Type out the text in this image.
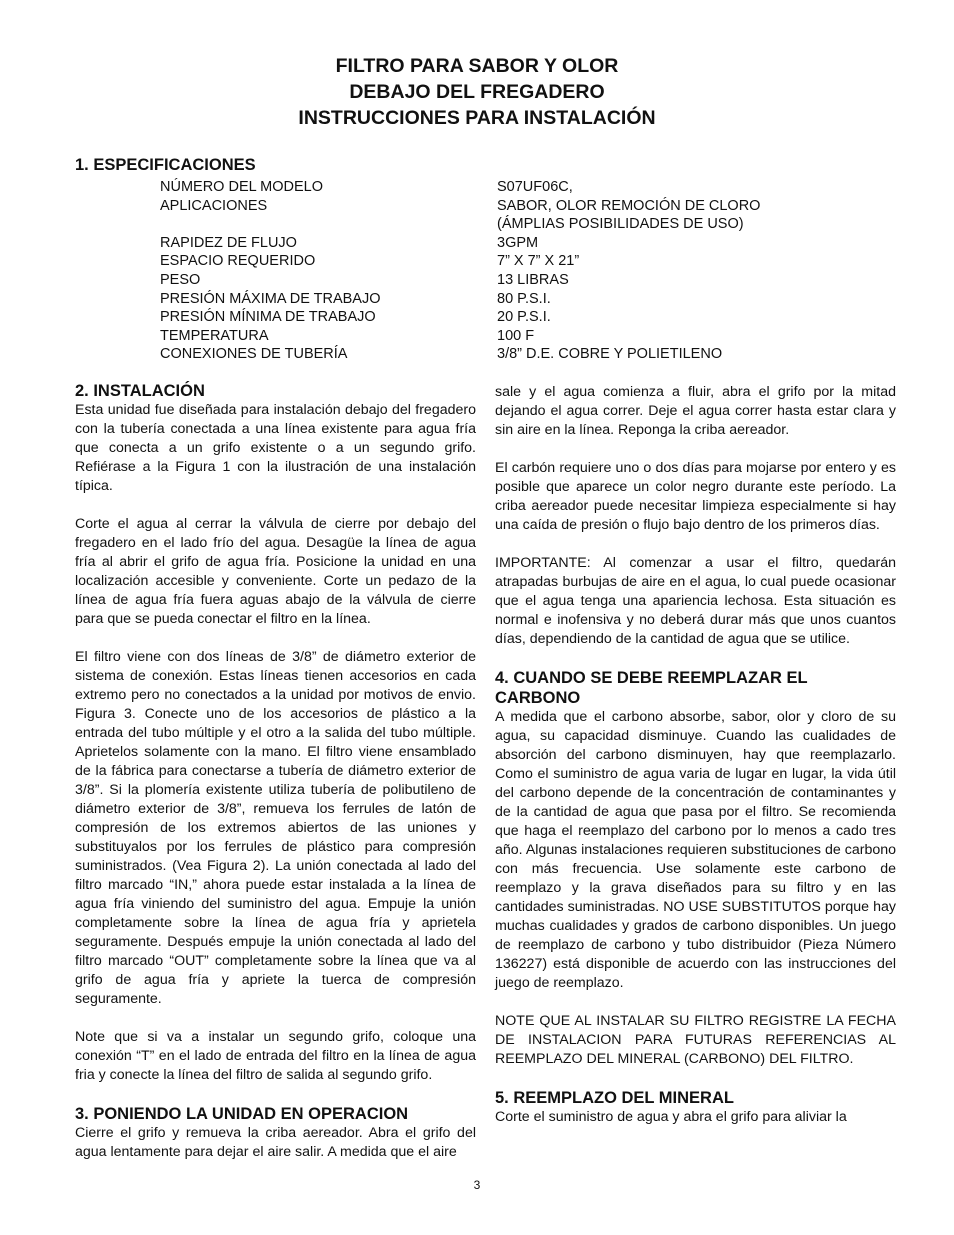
FILTRO PARA SABOR Y OLOR
DEBAJO DEL FREGADERO
INSTRUCCIONES PARA INSTALACIÓN
1. ESPECIFICACIONES
NÚMERO DEL MODELO	S07UF06C,
APLICACIONES	SABOR, OLOR REMOCIÓN DE CLORO
(ÁMPLIAS POSIBILIDADES DE USO)
RAPIDEZ DE FLUJO	3GPM
ESPACIO REQUERIDO	7” X 7” X 21”
PESO	13 LIBRAS
PRESIÓN MÁXIMA DE TRABAJO	80 P.S.I.
PRESIÓN MÍNIMA DE TRABAJO	20 P.S.I.
TEMPERATURA	100 F
CONEXIONES DE TUBERÍA	3/8” D.E. COBRE Y POLIETILENO
2. INSTALACIÓN

Esta unidad fue diseñada para instalación debajo del fregadero con la tubería conectada a una línea existente para agua fría que conecta a un grifo existente o a un segundo grifo. Refiérase a la Figura 1 con la ilustración de una instalación típica.

Corte el agua al cerrar la válvula de cierre por debajo del fregadero en el lado frío del agua. Desagüe la línea de agua fría al abrir el grifo de agua fría. Posicione la unidad en una localización accesible y conveniente. Corte un pedazo de la línea de agua fría fuera aguas abajo de la válvula de cierre para que se pueda conectar el filtro en la línea.

El filtro viene con dos líneas de 3/8” de diámetro exterior de sistema de conexión. Estas líneas tienen accesorios en cada extremo pero no conectados a la unidad por motivos de envio. Figura 3. Conecte uno de los accesorios de plástico a la entrada del tubo múltiple y el otro a la salida del tubo múltiple. Aprietelos solamente con la mano. El filtro viene ensamblado de la fábrica para conectarse a tubería de diámetro exterior de 3/8”. Si la plomería existente utiliza tubería de polibutileno de diámetro exterior de 3/8”, remueva los ferrules de latón de compresión de los extremos abiertos de las uniones y substituyalos por los ferrules de plástico para compresión suministrados. (Vea Figura 2). La unión conectada al lado del filtro marcado “IN,” ahora puede estar instalada a la línea de agua fría viniendo del suministro del agua. Empuje la unión completamente sobre la línea de agua fría y aprietela seguramente. Después empuje la unión conectada al lado del filtro marcado “OUT” completamente sobre la línea que va al grifo de agua fría y apriete la tuerca de compresión seguramente.

Note que si va a instalar un segundo grifo, coloque una conexión “T” en el lado de entrada del filtro en la línea de agua fria y conecte la línea del filtro de salida al segundo grifo.

3. PONIENDO LA UNIDAD EN OPERACION

Cierre el grifo y remueva la criba aereador. Abra el grifo del agua lentamente para dejar el aire salir. A medida que el aire

sale y el agua comienza a fluir, abra el grifo por la mitad dejando el agua correr. Deje el agua correr hasta estar clara y sin aire en la línea. Reponga la criba aereador.

El carbón requiere uno o dos días para mojarse por entero y es posible que aparece un color negro durante este período. La criba aereador puede necesitar limpieza especialmente si hay una caída de presión o flujo bajo dentro de los primeros días.

IMPORTANTE: Al comenzar a usar el filtro, quedarán atrapadas burbujas de aire en el agua, lo cual puede ocasionar que el agua tenga una apariencia lechosa. Esta situación es normal e inofensiva y no deberá durar más que unos cuantos días, dependiendo de la cantidad de agua que se utilice.

4. CUANDO SE DEBE REEMPLAZAR EL CARBONO

A medida que el carbono absorbe, sabor, olor y cloro de su agua, su capacidad disminuye. Cuando las cualidades de absorción del carbono disminuyen, hay que reemplazarlo. Como el suministro de agua varia de lugar en lugar, la vida útil del carbono depende de la concentración de contaminantes y de la cantidad de agua que pasa por el filtro. Se recomienda que haga el reemplazo del carbono por lo menos a cado tres año. Algunas instalaciones requieren substituciones de carbono con más frecuencia. Use solamente este carbono de reemplazo y la grava diseñados para su filtro y en las cantidades suministradas. NO USE SUBSTITUTOS porque hay muchas cualidades y grados de carbono disponibles. Un juego de reemplazo de carbono y tubo distribuidor (Pieza Número 136227) está disponible de acuerdo con las instrucciones del juego de reemplazo.

NOTE QUE AL INSTALAR SU FILTRO REGISTRE LA FECHA DE INSTALACION PARA FUTURAS REFERENCIAS AL REEMPLAZO DEL MINERAL (CARBONO) DEL FILTRO.

5. REEMPLAZO DEL MINERAL

Corte el suministro de agua y abra el grifo para aliviar la

3
